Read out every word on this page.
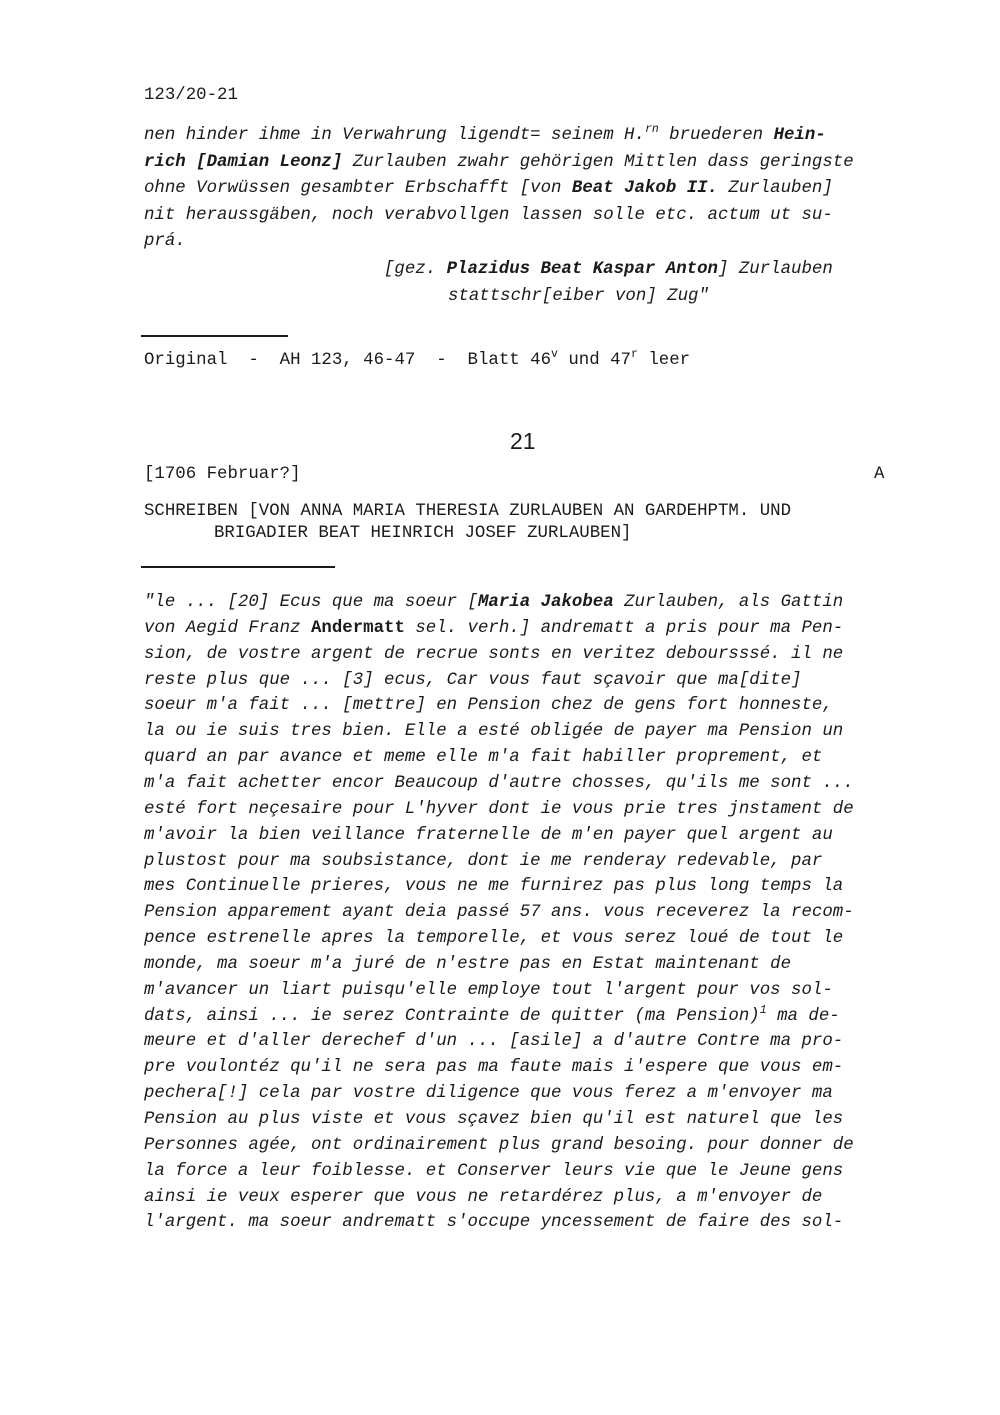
123/20-21
nen hinder ihme in Verwahrung ligendt= seinem H.$^{rn}$ bruederen Hein-
rich [Damian Leonz] Zurlauben zwahr gehörigen Mittlen dass geringste
ohne Vorwüssen gesambter Erbschafft [von Beat Jakob II. Zurlauben]
nit heraussgäben, noch verabvollgen lassen solle etc. actum ut su-
prá.
[gez. Plazidus Beat Kaspar Anton] Zurlauben
stattschr[eiber von] Zug"
Original  -  AH 123, 46-47  -  Blatt 46$^v$ und 47$^r$ leer
21
[1706 Februar?]	A
SCHREIBEN [VON ANNA MARIA THERESIA ZURLAUBEN AN GARDEHPTM. UND
BRIGADIER BEAT HEINRICH JOSEF ZURLAUBEN]
"le ... [20] Ecus que ma soeur [Maria Jakobea Zurlauben, als Gattin
von Aegid Franz Andermatt sel. verh.] andrematt a pris pour ma Pen-
sion, de vostre argent de recrue sonts en veritez deboursssé. il ne
reste plus que ... [3] ecus, Car vous faut sçavoir que ma[dite]
soeur m'a fait ... [mettre] en Pension chez de gens fort honneste,
la ou ie suis tres bien. Elle a esté obligée de payer ma Pension un
quard an par avance et meme elle m'a fait habiller proprement, et
m'a fait achetter encor Beaucoup d'autre chosses, qu'ils me sont ...
esté fort neçesaire pour L'hyver dont ie vous prie tres jnstament de
m'avoir la bien veillance fraternelle de m'en payer quel argent au
plustost pour ma soubsistance, dont ie me renderay redevable, par
mes Continuelle prieres, vous ne me furnirez pas plus long temps la
Pension apparement ayant deia passé 57 ans. vous receverez la recom-
pence estrenelle apres la temporelle, et vous serez loué de tout le
monde, ma soeur m'a juré de n'estre pas en Estat maintenant de
m'avancer un liart puisqu'elle employe tout l'argent pour vos sol-
dats, ainsi ... ie serez Contrainte de quitter (ma Pension)$^1$ ma de-
meure et d'aller derechef d'un ... [asile] a d'autre Contre ma pro-
pre voulontéz qu'il ne sera pas ma faute mais i'espere que vous em-
pechera[!] cela par vostre diligence que vous ferez a m'envoyer ma
Pension au plus viste et vous sçavez bien qu'il est naturel que les
Personnes agée, ont ordinairement plus grand besoing. pour donner de
la force a leur foiblesse. et Conserver leurs vie que le Jeune gens
ainsi ie veux esperer que vous ne retardérez plus, a m'envoyer de
l'argent. ma soeur andrematt s'occupe yncessement de faire des sol-
